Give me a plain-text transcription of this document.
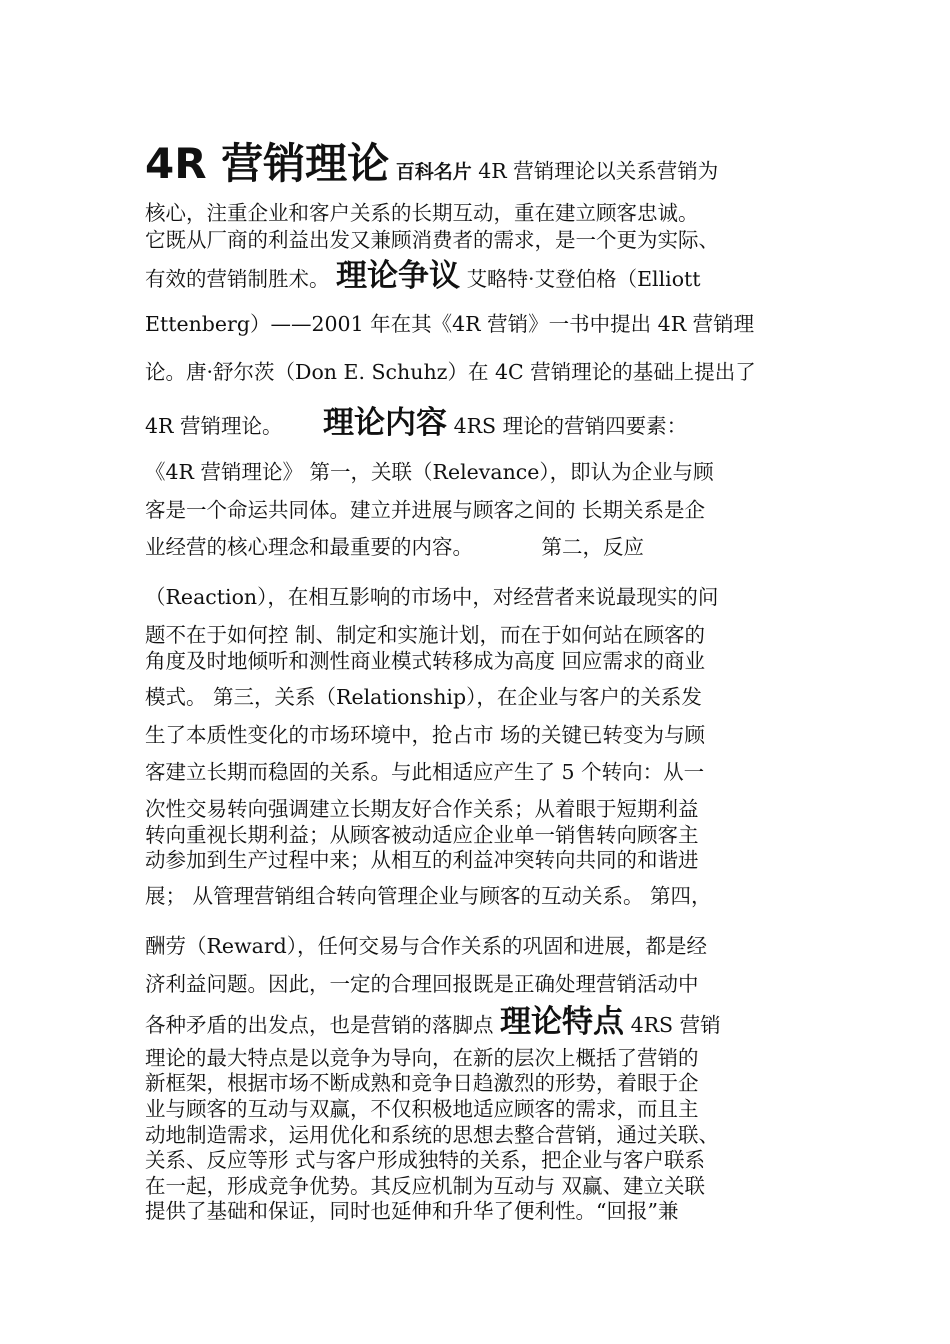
4R 营销理论 百科名片 4R 营销理论以关系营销为
核心，注重企业和客户关系的长期互动，重在建立顾客忠诚。
它既从厂商的利益出发又兼顾消费者的需求，是一个更为实际、
有效的营销制胜术。 理论争议 艾略特·艾登伯格（Elliott
Ettenberg）——2001 年在其《4R 营销》一书中提出 4R 营销理
论。唐·舒尔茨（Don E. Schuhz）在 4C 营销理论的基础上提出了
4R 营销理论。 理论内容 4RS 理论的营销四要素：
《4R 营销理论》 第一，关联（Relevance），即认为企业与顾
客是一个命运共同体。建立并进展与顾客之间的 长期关系是企
业经营的核心理念和最重要的内容。	第二，反应
（Reaction），在相互影响的市场中，对经营者来说最现实的问
题不在于如何控 制、制定和实施计划，而在于如何站在顾客的
角度及时地倾听和测性商业模式转移成为高度 回应需求的商业
模式。 第三，关系（Relationship），在企业与客户的关系发
生了本质性变化的市场环境中，抢占市 场的关键已转变为与顾
客建立长期而稳固的关系。与此相适应产生了 5 个转向：从一
次性交易转向强调建立长期友好合作关系；从着眼于短期利益
转向重视长期利益；从顾客被动适应企业单一销售转向顾客主
动参加到生产过程中来；从相互的利益冲突转向共同的和谐进
展； 从管理营销组合转向管理企业与顾客的互动关系。 第四，
酬劳（Reward），任何交易与合作关系的巩固和进展，都是经
济利益问题。因此，一定的合理回报既是正确处理营销活动中
各种矛盾的出发点，也是营销的落脚点 理论特点 4RS 营销
理论的最大特点是以竞争为导向，在新的层次上概括了营销的
新框架，根据市场不断成熟和竞争日趋激烈的形势，着眼于企
业与顾客的互动与双赢，不仅积极地适应顾客的需求，而且主
动地制造需求，运用优化和系统的思想去整合营销，通过关联、
关系、反应等形 式与客户形成独特的关系，把企业与客户联系
在一起，形成竞争优势。其反应机制为互动与 双赢、建立关联
提供了基础和保证，同时也延伸和升华了便利性。“回报”兼
